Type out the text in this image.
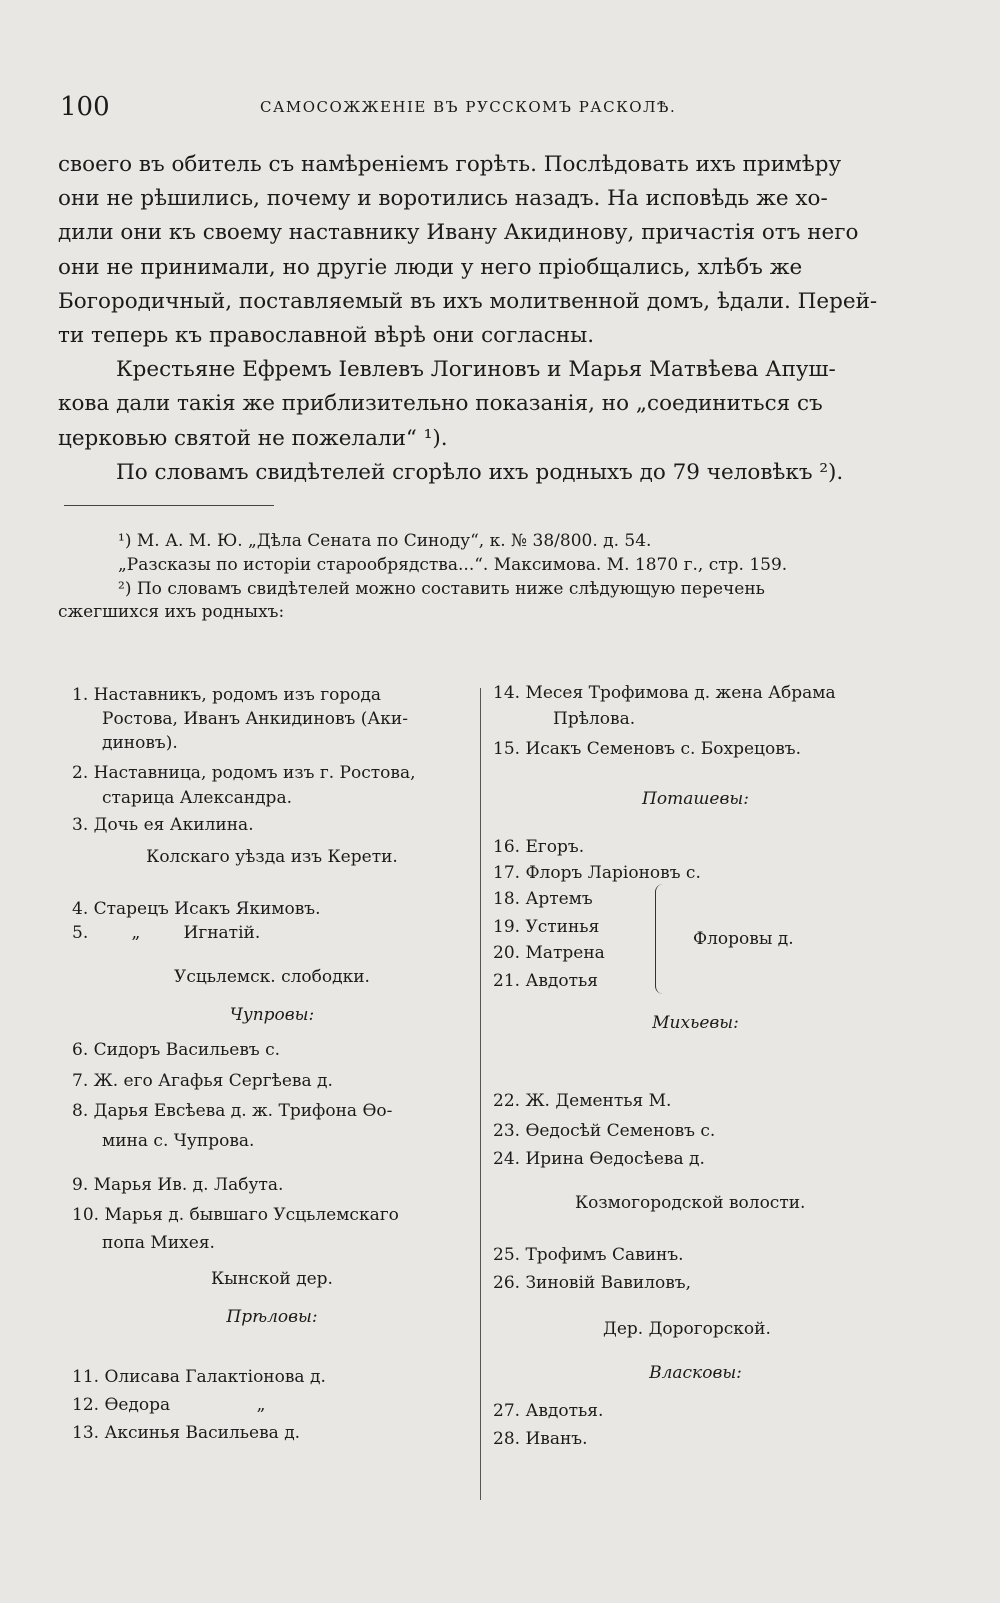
100	САМОСОЖЖЕНІЕ ВЪ РУССКОМЪ РАСКОЛѢ.

своего въ обитель съ намѣреніемъ горѣть. Послѣдовать ихъ примѣру

они не рѣшились, почему и воротились назадъ. На исповѣдь же хо-

дили они къ своему наставнику Ивану Акидинову, причастія отъ него

они не принимали, но другіе люди у него пріобщались, хлѣбъ же

Богородичный, поставляемый въ ихъ молитвенной домъ, ѣдали. Перей-

ти теперь къ православной вѣрѣ они согласны.

Крестьяне Ефремъ Іевлевъ Логиновъ и Марья Матвѣева Апуш-

кова дали такія же приблизительно показанія, но „соединиться съ

церковью святой не пожелали“ ¹).

По словамъ свидѣтелей сгорѣло ихъ родныхъ до 79 человѣкъ ²).

¹) М. А. М. Ю. „Дѣла Сената по Синоду“, к. № 38/800. д. 54.

„Разсказы по исторіи старообрядства...“. Максимова. М. 1870 г., стр. 159.

²) По словамъ свидѣтелей можно составить ниже слѣдующую перечень

сжегшихся ихъ родныхъ:

1. Наставникъ, родомъ изъ города
Ростова, Иванъ Анкидиновъ (Аки-
диновъ).
2. Наставница, родомъ изъ г. Ростова,
старица Александра.
3. Дочь ея Акилина.
Колскаго уѣзда изъ Керети.
4. Старецъ Исакъ Якимовъ.
5.        „        Игнатій.
Усцьлемск. слободки.
Чупровы:
6. Сидоръ Васильевъ с.
7. Ж. его Агафья Сергѣева д.
8. Дарья Евсѣева д. ж. Трифона Ѳо-
мина с. Чупрова.
9. Марья Ив. д. Лабута.
10. Марья д. бывшаго Усцьлемскаго
попа Михея.
Кынской дер.
Прѣловы:
11. Олисава Галактіонова д.
12. Ѳедора                „
13. Аксинья Васильева д.
14. Месея Трофимова д. жена Абрама
Прѣлова.
15. Исакъ Семеновъ с. Бохрецовъ.
Поташевы:
16. Егоръ.
17. Флоръ Ларіоновъ с.
18. Артемъ
19. Устинья
20. Матрена
21. Авдотья
Флоровы д.
Михьевы:
22. Ж. Дементья М.
23. Ѳедосѣй Семеновъ с.
24. Ирина Ѳедосѣева д.
Козмогородской волости.
25. Трофимъ Савинъ.
26. Зиновій Вавиловъ,
Дер. Дорогорской.
Власковы:
27. Авдотья.
28. Иванъ.
